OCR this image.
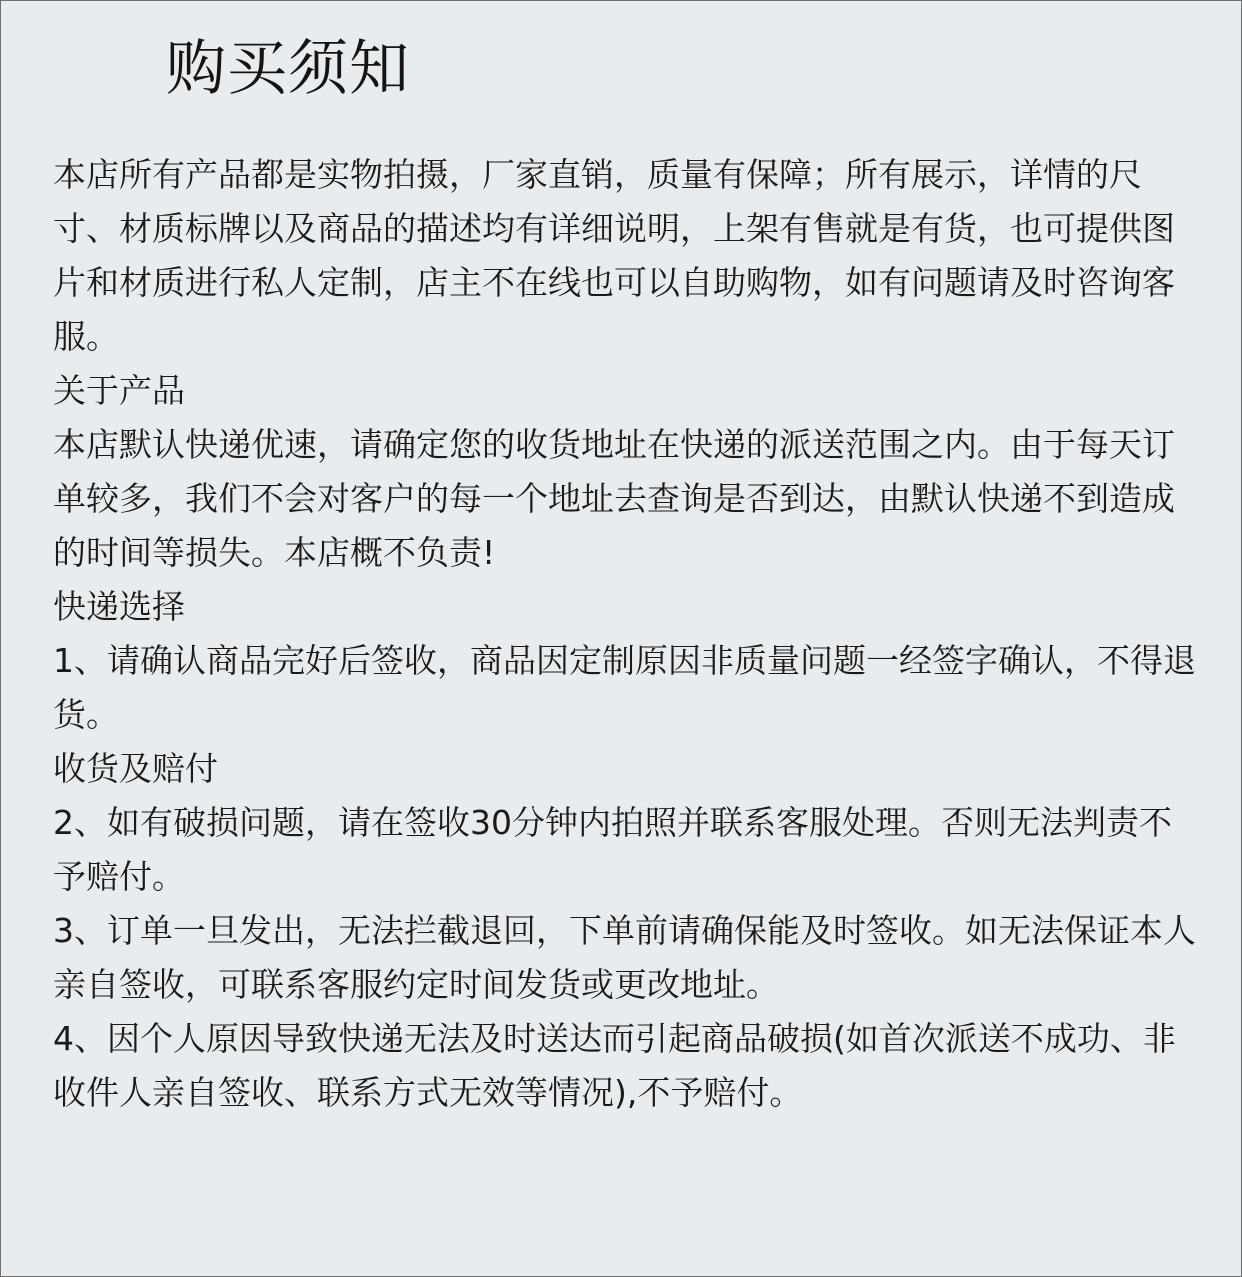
购买须知

本店所有产品都是实物拍摄，厂家直销，质量有保障；所有展示，详情的尺寸、材质标牌以及商品的描述均有详细说明，上架有售就是有货，也可提供图片和材质进行私人定制，店主不在线也可以自助购物，如有问题请及时咨询客服。

关于产品

本店默认快递优速，请确定您的收货地址在快递的派送范围之内。由于每天订单较多，我们不会对客户的每一个地址去查询是否到达，由默认快递不到造成的时间等损失。本店概不负责!

快递选择

1、请确认商品完好后签收，商品因定制原因非质量问题一经签字确认，不得退货。

收货及赔付

2、如有破损问题，请在签收30分钟内拍照并联系客服处理。否则无法判责不予赔付。

3、订单一旦发出，无法拦截退回，下单前请确保能及时签收。如无法保证本人亲自签收，可联系客服约定时间发货或更改地址。

4、因个人原因导致快递无法及时送达而引起商品破损(如首次派送不成功、非收件人亲自签收、联系方式无效等情况),不予赔付。
